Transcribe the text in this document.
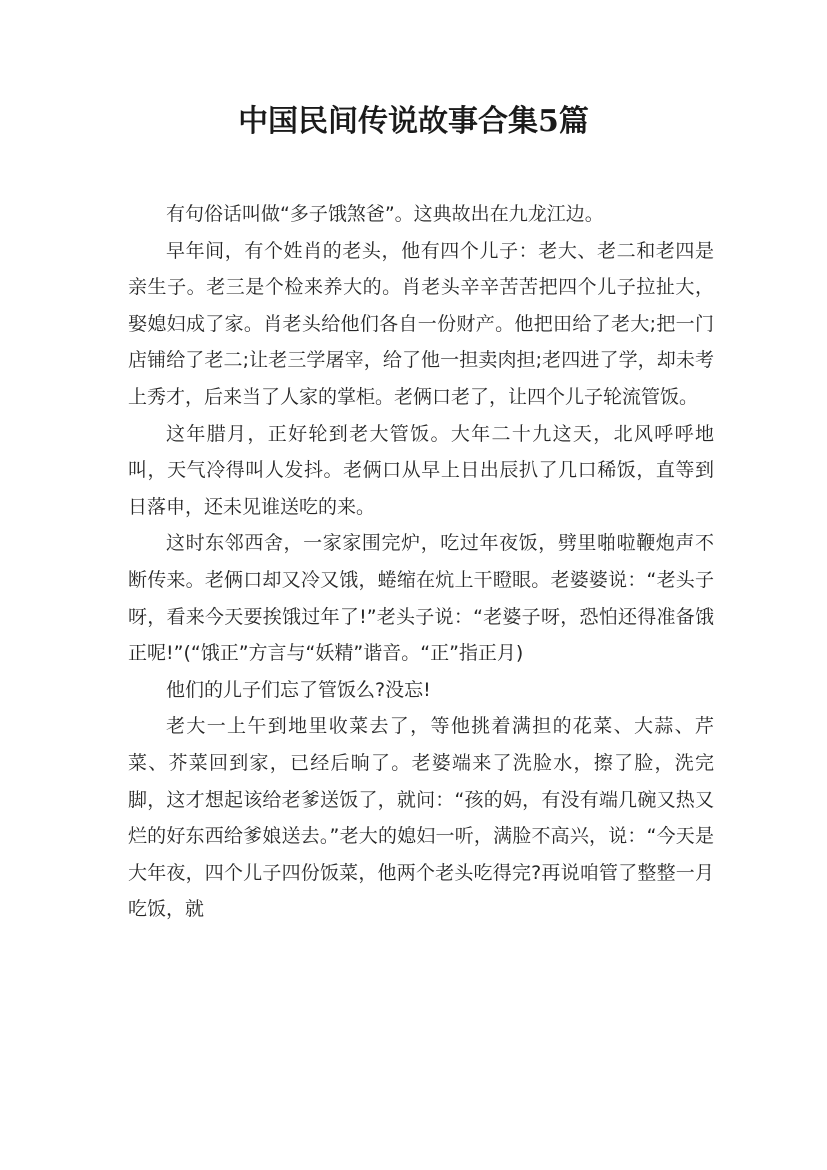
中国民间传说故事合集5篇

有句俗话叫做“多子饿煞爸”。这典故出在九龙江边。

早年间，有个姓肖的老头，他有四个儿子：老大、老二和老四是亲生子。老三是个检来养大的。肖老头辛辛苦苦把四个儿子拉扯大，娶媳妇成了家。肖老头给他们各自一份财产。他把田给了老大;把一门店铺给了老二;让老三学屠宰，给了他一担卖肉担;老四进了学，却未考上秀才，后来当了人家的掌柜。老俩口老了，让四个儿子轮流管饭。

这年腊月，正好轮到老大管饭。大年二十九这天，北风呼呼地叫，天气冷得叫人发抖。老俩口从早上日出辰扒了几口稀饭，直等到日落申，还未见谁送吃的来。

这时东邻西舍，一家家围完炉，吃过年夜饭，劈里啪啦鞭炮声不断传来。老俩口却又冷又饿，蜷缩在炕上干瞪眼。老婆婆说：“老头子呀，看来今天要挨饿过年了!”老头子说：“老婆子呀，恐怕还得准备饿正呢!”(“饿正”方言与“妖精”谐音。“正”指正月)

他们的儿子们忘了管饭么?没忘!

老大一上午到地里收菜去了，等他挑着满担的花菜、大蒜、芹菜、芥菜回到家，已经后晌了。老婆端来了洗脸水，擦了脸，洗完脚，这才想起该给老爹送饭了，就问：“孩的妈，有没有端几碗又热又烂的好东西给爹娘送去。”老大的媳妇一听，满脸不高兴，说：“今天是大年夜，四个儿子四份饭菜，他两个老头吃得完?再说咱管了整整一月吃饭，就
